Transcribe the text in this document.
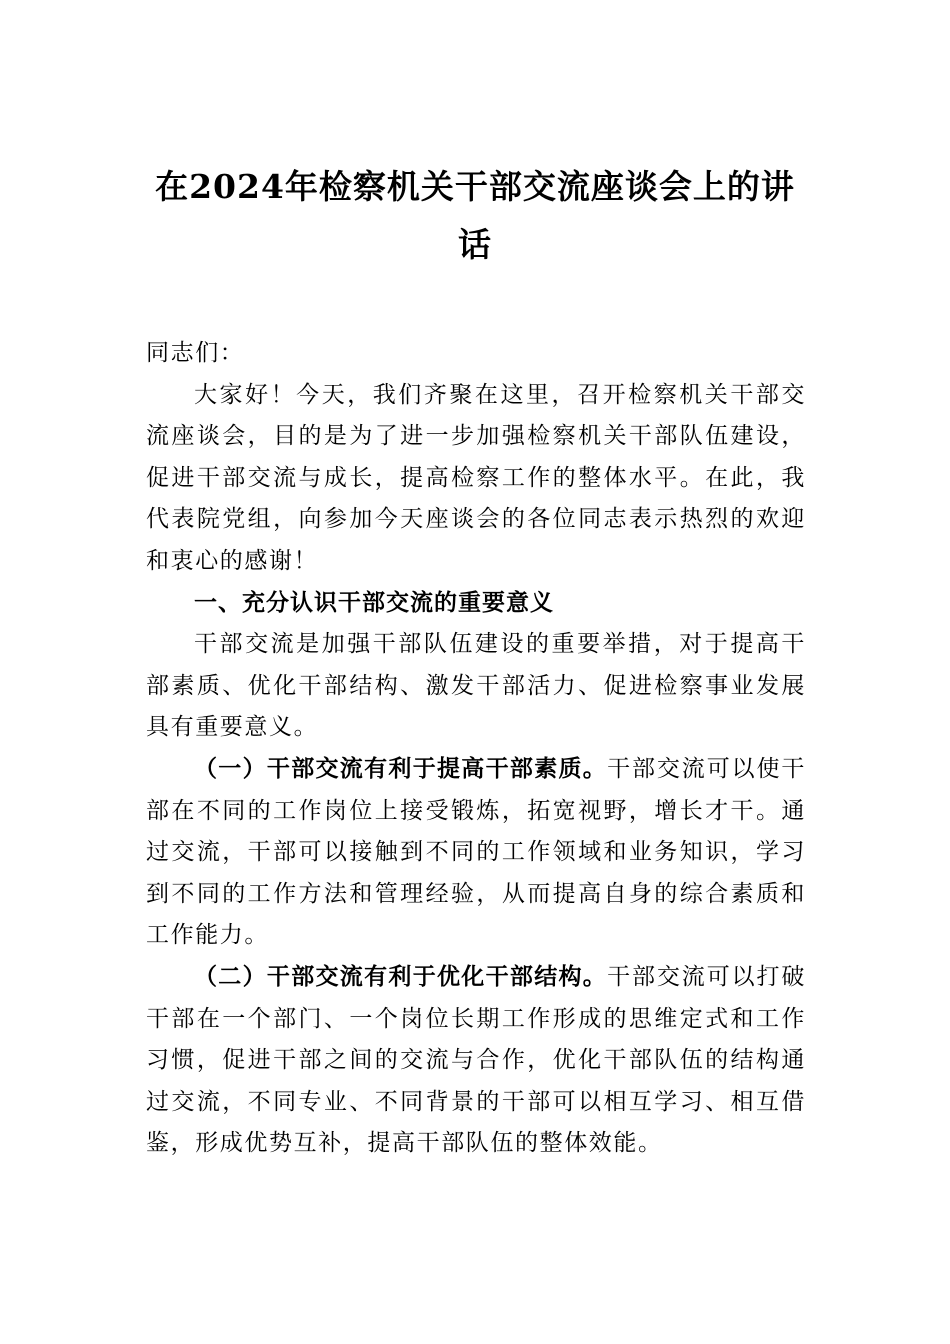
在2024年检察机关干部交流座谈会上的讲话

同志们：

大家好！今天，我们齐聚在这里，召开检察机关干部交流座谈会，目的是为了进一步加强检察机关干部队伍建设，促进干部交流与成长，提高检察工作的整体水平。在此，我代表院党组，向参加今天座谈会的各位同志表示热烈的欢迎和衷心的感谢！

一、充分认识干部交流的重要意义

干部交流是加强干部队伍建设的重要举措，对于提高干部素质、优化干部结构、激发干部活力、促进检察事业发展具有重要意义。

（一）干部交流有利于提高干部素质。干部交流可以使干部在不同的工作岗位上接受锻炼，拓宽视野，增长才干。通过交流，干部可以接触到不同的工作领域和业务知识，学习到不同的工作方法和管理经验，从而提高自身的综合素质和工作能力。

（二）干部交流有利于优化干部结构。干部交流可以打破干部在一个部门、一个岗位长期工作形成的思维定式和工作习惯，促进干部之间的交流与合作，优化干部队伍的结构通过交流，不同专业、不同背景的干部可以相互学习、相互借鉴，形成优势互补，提高干部队伍的整体效能。
